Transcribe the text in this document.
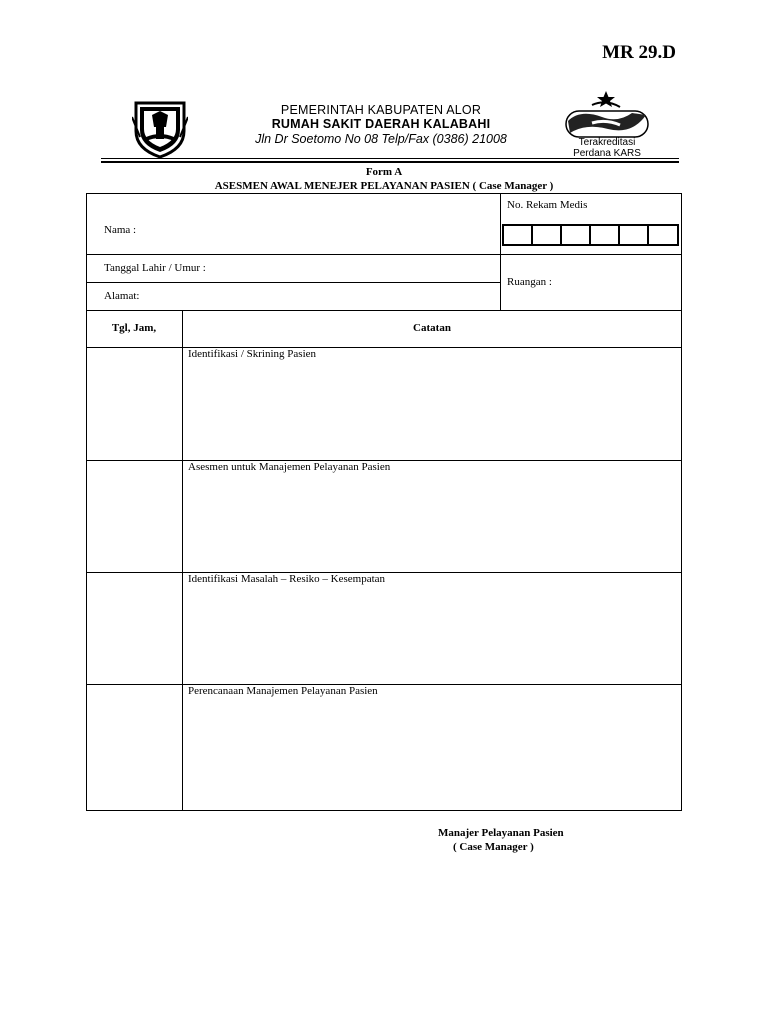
MR 29.D
PEMERINTAH KABUPATEN ALOR
RUMAH SAKIT DAERAH KALABAHI
Jln Dr Soetomo No 08 Telp/Fax (0386) 21008	Terakreditasi
Perdana KARS
Form A
ASESMEN AWAL MENEJER PELAYANAN PASIEN ( Case Manager )
Nama :
No. Rekam Medis
Tanggal Lahir / Umur :
Alamat:
Ruangan :
Tgl, Jam,	Catatan
Identifikasi / Skrining Pasien
Asesmen untuk Manajemen Pelayanan Pasien
Identifikasi Masalah – Resiko – Kesempatan
Perencanaan Manajemen Pelayanan Pasien
Manajer Pelayanan Pasien
( Case Manager )
